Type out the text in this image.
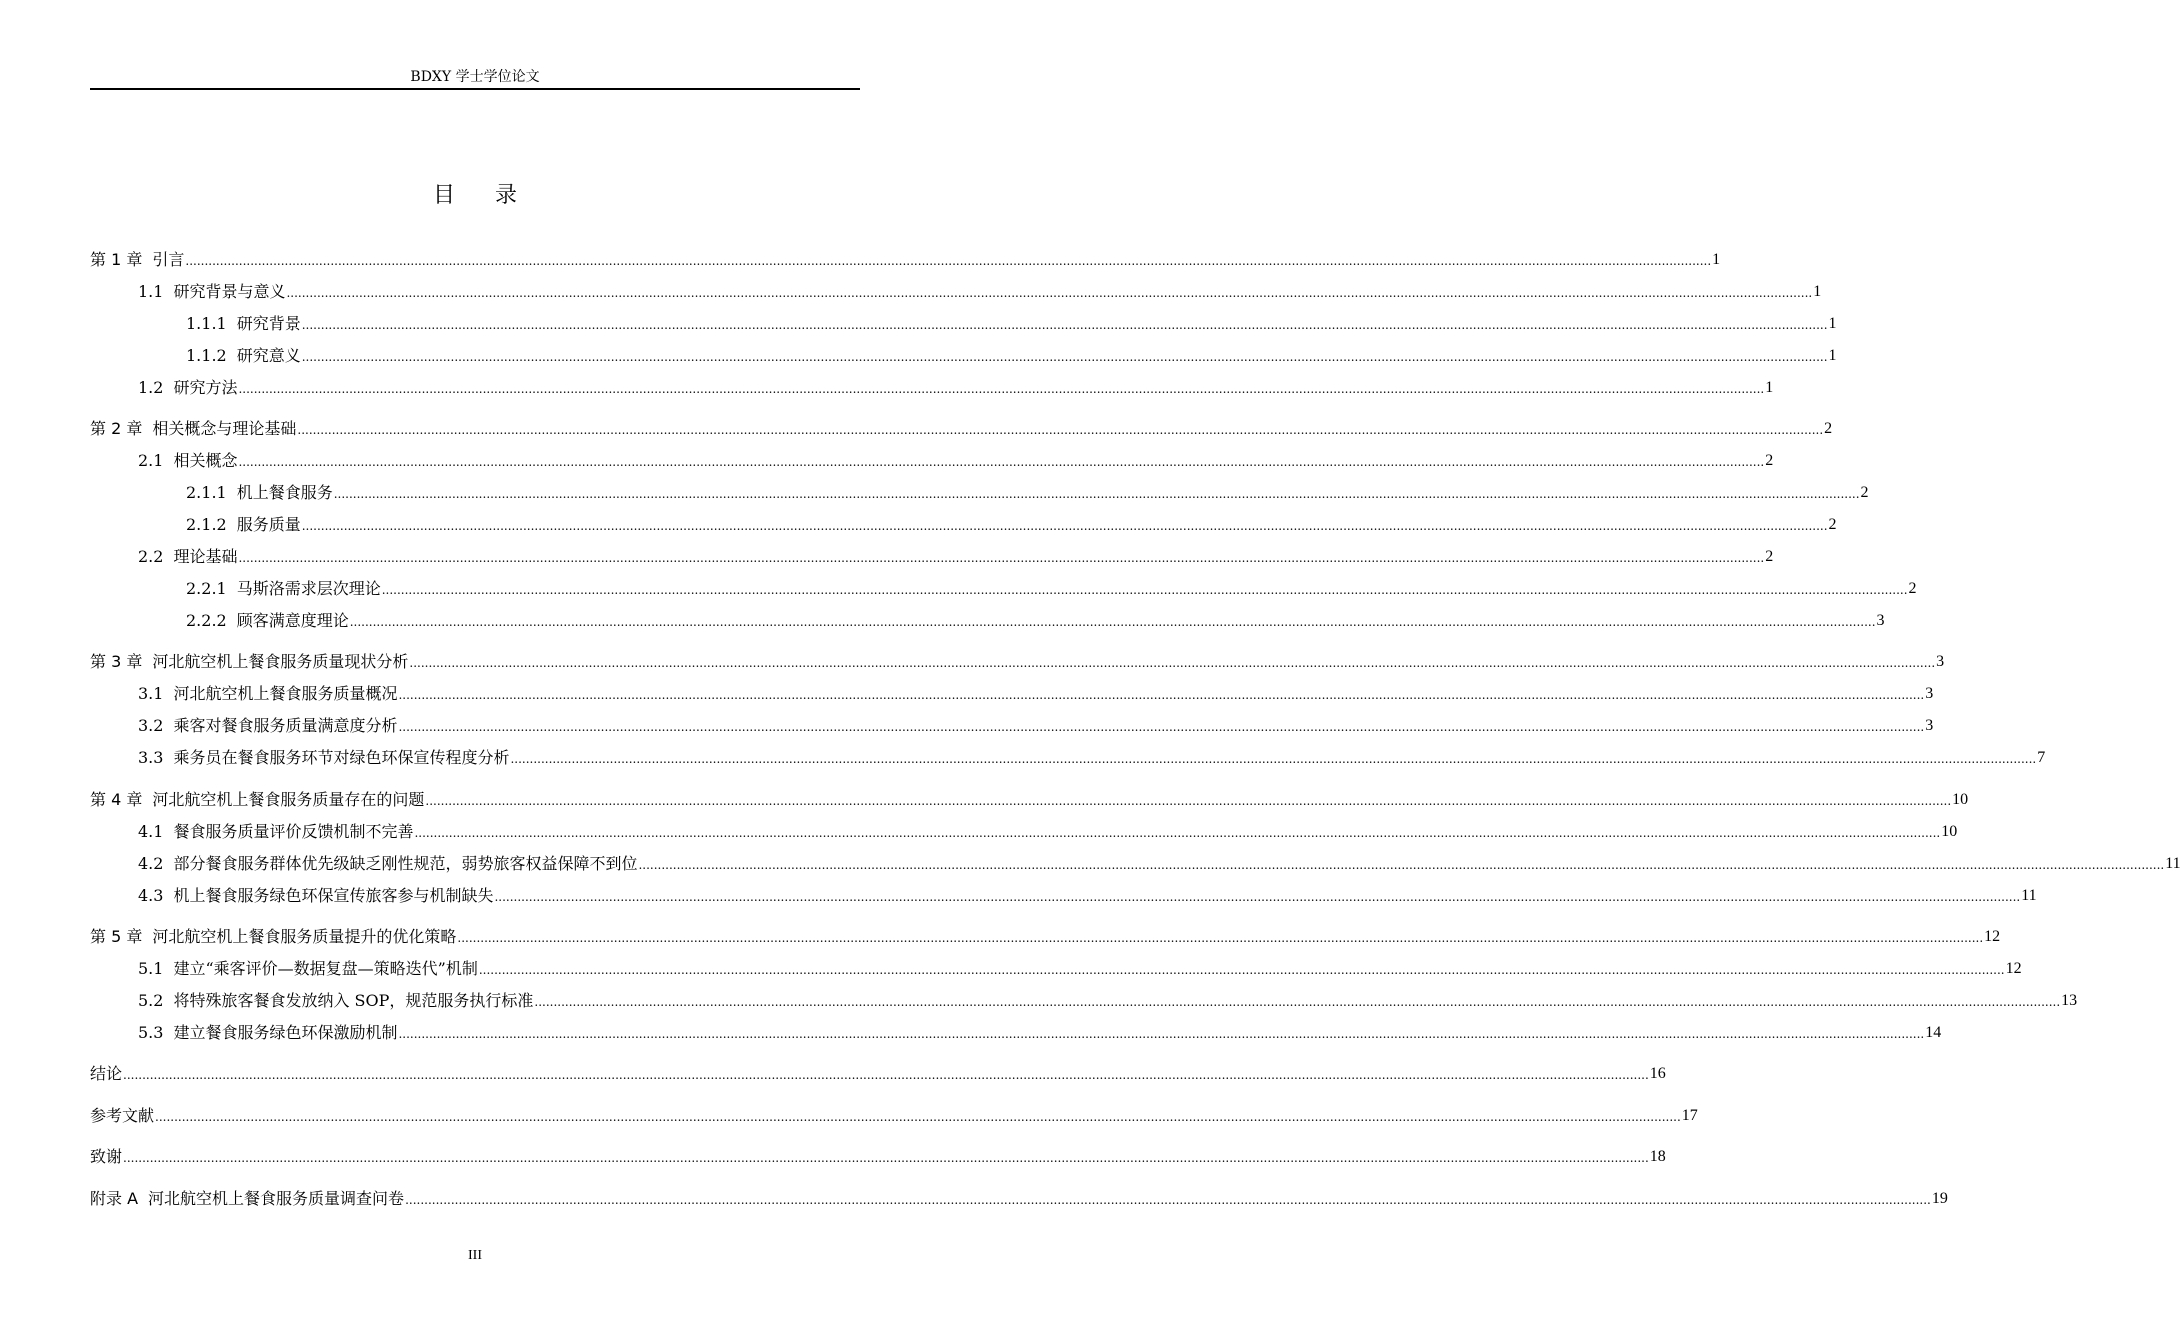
BDXY 学士学位论文
目录
第 1 章 引言 ................................................................................................................................................................................................................................................................................................................................................................................................................ 1
1.1 研究背景与意义 ................................................................................................................................................................................................................................................................................................................................................................................................................ 1
1.1.1 研究背景 ................................................................................................................................................................................................................................................................................................................................................................................................................ 1
1.1.2 研究意义 ................................................................................................................................................................................................................................................................................................................................................................................................................ 1
1.2 研究方法 ................................................................................................................................................................................................................................................................................................................................................................................................................ 1
第 2 章 相关概念与理论基础 ................................................................................................................................................................................................................................................................................................................................................................................................................ 2
2.1 相关概念 ................................................................................................................................................................................................................................................................................................................................................................................................................ 2
2.1.1 机上餐食服务 ................................................................................................................................................................................................................................................................................................................................................................................................................ 2
2.1.2 服务质量 ................................................................................................................................................................................................................................................................................................................................................................................................................ 2
2.2 理论基础 ................................................................................................................................................................................................................................................................................................................................................................................................................ 2
2.2.1 马斯洛需求层次理论 ................................................................................................................................................................................................................................................................................................................................................................................................................ 2
2.2.2 顾客满意度理论 ................................................................................................................................................................................................................................................................................................................................................................................................................ 3
第 3 章 河北航空机上餐食服务质量现状分析 ................................................................................................................................................................................................................................................................................................................................................................................................................ 3
3.1 河北航空机上餐食服务质量概况 ................................................................................................................................................................................................................................................................................................................................................................................................................ 3
3.2 乘客对餐食服务质量满意度分析 ................................................................................................................................................................................................................................................................................................................................................................................................................ 3
3.3 乘务员在餐食服务环节对绿色环保宣传程度分析 ................................................................................................................................................................................................................................................................................................................................................................................................................ 7
第 4 章 河北航空机上餐食服务质量存在的问题 ................................................................................................................................................................................................................................................................................................................................................................................................................ 10
4.1 餐食服务质量评价反馈机制不完善 ................................................................................................................................................................................................................................................................................................................................................................................................................ 10
4.2 部分餐食服务群体优先级缺乏刚性规范，弱势旅客权益保障不到位 ................................................................................................................................................................................................................................................................................................................................................................................................................ 11
4.3 机上餐食服务绿色环保宣传旅客参与机制缺失 ................................................................................................................................................................................................................................................................................................................................................................................................................ 11
第 5 章 河北航空机上餐食服务质量提升的优化策略 ................................................................................................................................................................................................................................................................................................................................................................................................................ 12
5.1 建立“乘客评价—数据复盘—策略迭代”机制 ................................................................................................................................................................................................................................................................................................................................................................................................................ 12
5.2 将特殊旅客餐食发放纳入 SOP，规范服务执行标准 ................................................................................................................................................................................................................................................................................................................................................................................................................ 13
5.3 建立餐食服务绿色环保激励机制 ................................................................................................................................................................................................................................................................................................................................................................................................................ 14
结论 ................................................................................................................................................................................................................................................................................................................................................................................................................ 16
参考文献 ................................................................................................................................................................................................................................................................................................................................................................................................................ 17
致谢 ................................................................................................................................................................................................................................................................................................................................................................................................................ 18
附录 A 河北航空机上餐食服务质量调查问卷 ................................................................................................................................................................................................................................................................................................................................................................................................................ 19
III
